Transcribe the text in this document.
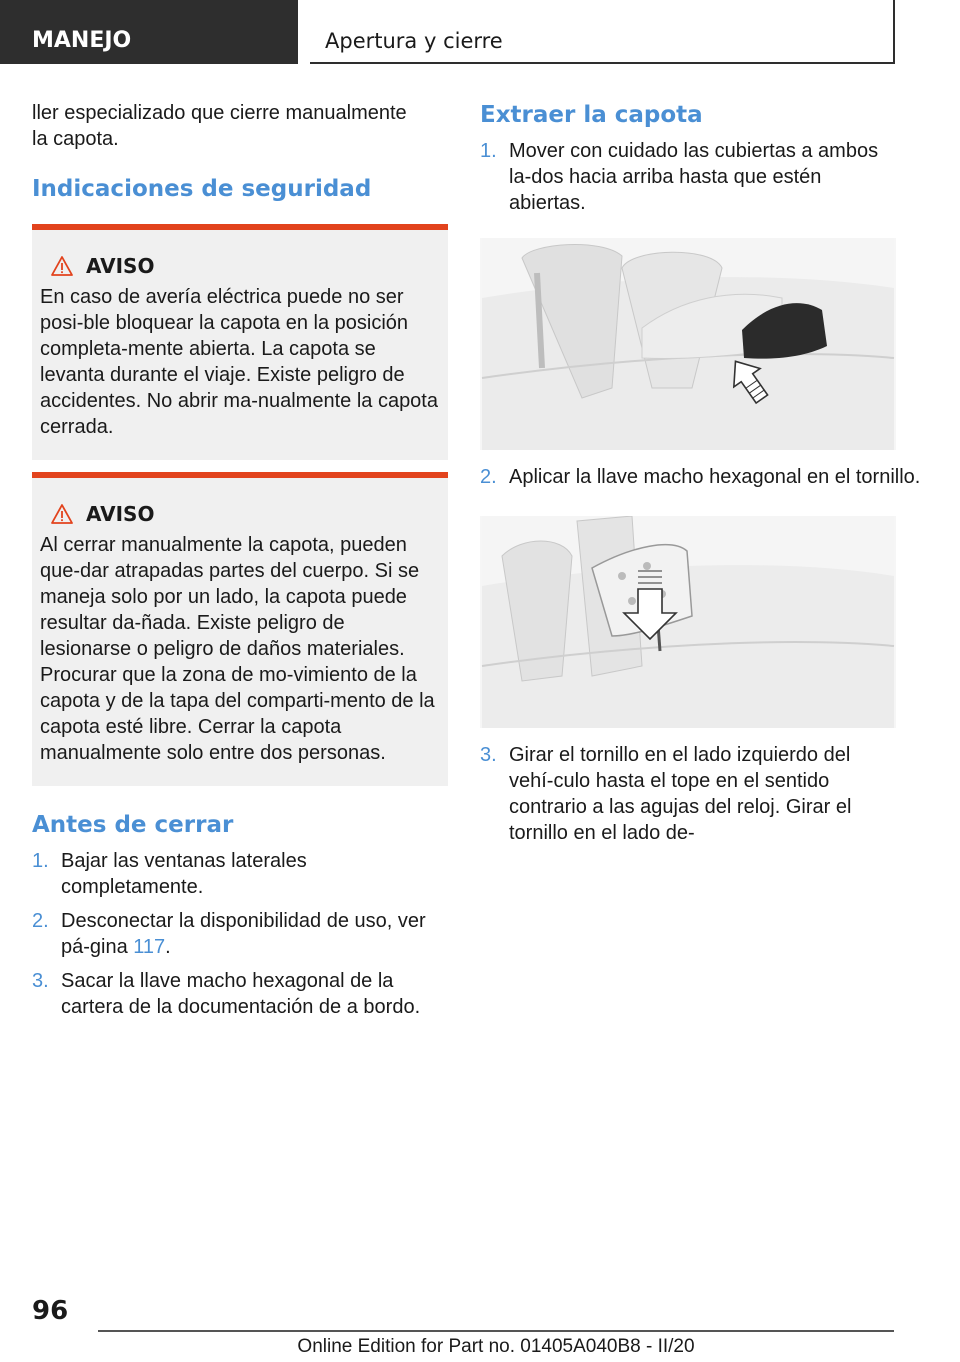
MANEJO	Apertura y cierre

ller especializado que cierre manualmente la capota.

Indicaciones de seguridad
AVISO
En caso de avería eléctrica puede no ser posi-ble bloquear la capota en la posición completa-mente abierta. La capota se levanta durante el viaje. Existe peligro de accidentes. No abrir ma-nualmente la capota cerrada.
AVISO
Al cerrar manualmente la capota, pueden que-dar atrapadas partes del cuerpo. Si se maneja solo por un lado, la capota puede resultar da-ñada. Existe peligro de lesionarse o peligro de daños materiales. Procurar que la zona de mo-vimiento de la capota y de la tapa del comparti-mento de la capota esté libre. Cerrar la capota manualmente solo entre dos personas.
Antes de cerrar
1. Bajar las ventanas laterales completamente.
2. Desconectar la disponibilidad de uso, ver pá-gina 117.
3. Sacar la llave macho hexagonal de la cartera de la documentación de a bordo.
Extraer la capota
1. Mover con cuidado las cubiertas a ambos la-dos hacia arriba hasta que estén abiertas.
2. Aplicar la llave macho hexagonal en el tornillo.
3. Girar el tornillo en el lado izquierdo del vehí-culo hasta el tope en el sentido contrario a las agujas del reloj. Girar el tornillo en el lado de-
96
Online Edition for Part no. 01405A040B8 - II/20
